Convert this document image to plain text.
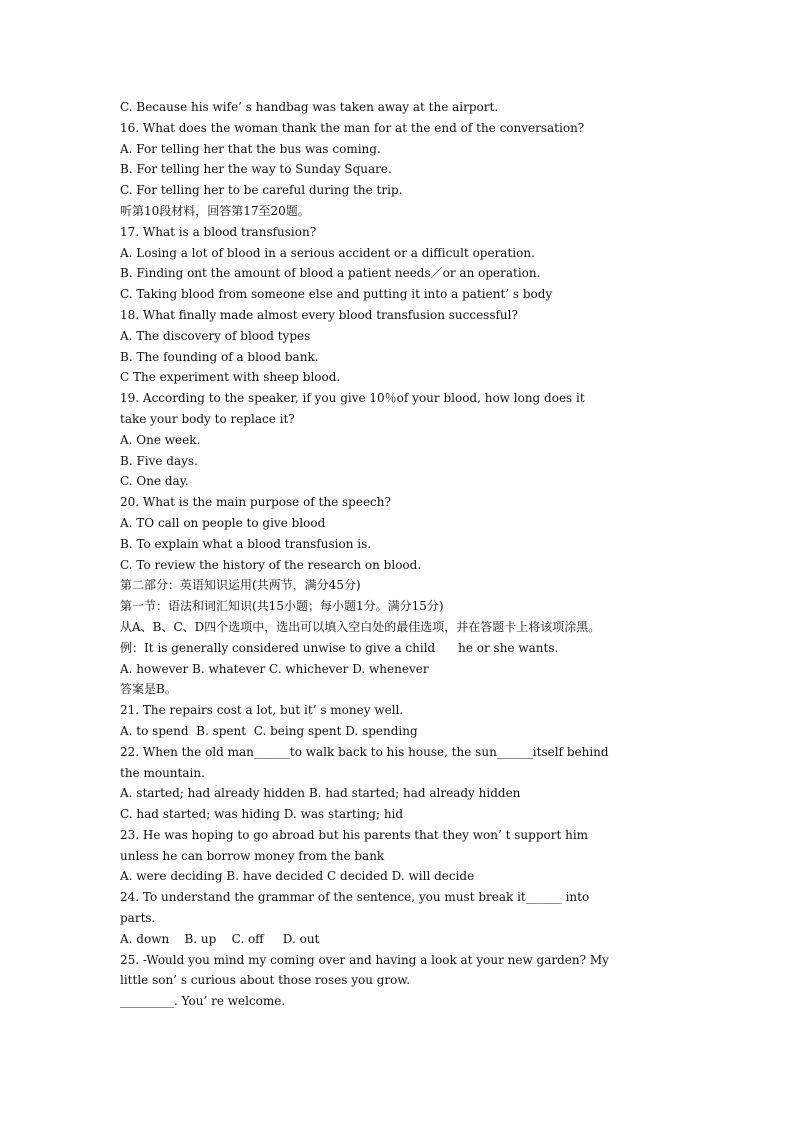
C. Because his wife’ s handbag was taken away at the airport.
16. What does the woman thank the man for at the end of the conversation?
A. For telling her that the bus was coming.
B. For telling her the way to Sunday Square.
C. For telling her to be careful during the trip.
听第10段材料，回答第17至20题。
17. What is a blood transfusion?
A. Losing a lot of blood in a serious accident or a difficult operation.
B. Finding ont the amount of blood a patient needs／or an operation.
C. Taking blood from someone else and putting it into a patient’ s body
18. What finally made almost every blood transfusion successful?
A. The discovery of blood types
B. The founding of a blood bank.
C The experiment with sheep blood.
19. According to the speaker, if you give 10％of your blood, how long does it
take your body to replace it?
A. One week.
B. Five days.
C. One day.
20. What is the main purpose of the speech?
A. TO call on people to give blood
B. To explain what a blood transfusion is.
C. To review the history of the research on blood.
第二部分：英语知识运用(共两节，满分45分)
第一节：语法和词汇知识(共15小题；每小题1分。满分15分)
从A、B、C、D四个选项中，选出可以填入空白处的最佳选项，并在答题卡上将该项涂黑。
例：It is generally considered unwise to give a child      he or she wants.
A. however B. whatever C. whichever D. whenever
答案是B。
21. The repairs cost a lot, but it’ s money well.
A. to spend  B. spent  C. being spent D. spending
22. When the old man______to walk back to his house, the sun______itself behind
the mountain.
A. started; had already hidden B. had started; had already hidden
C. had started; was hiding D. was starting; hid
23. He was hoping to go abroad but his parents that they won’ t support him
unless he can borrow money from the bank
A. were deciding B. have decided C decided D. will decide
24. To understand the grammar of the sentence, you must break it______ into
parts.
A. down    B. up    C. off     D. out
25. -Would you mind my coming over and having a look at your new garden? My
little son’ s curious about those roses you grow.
_________. You’ re welcome.
